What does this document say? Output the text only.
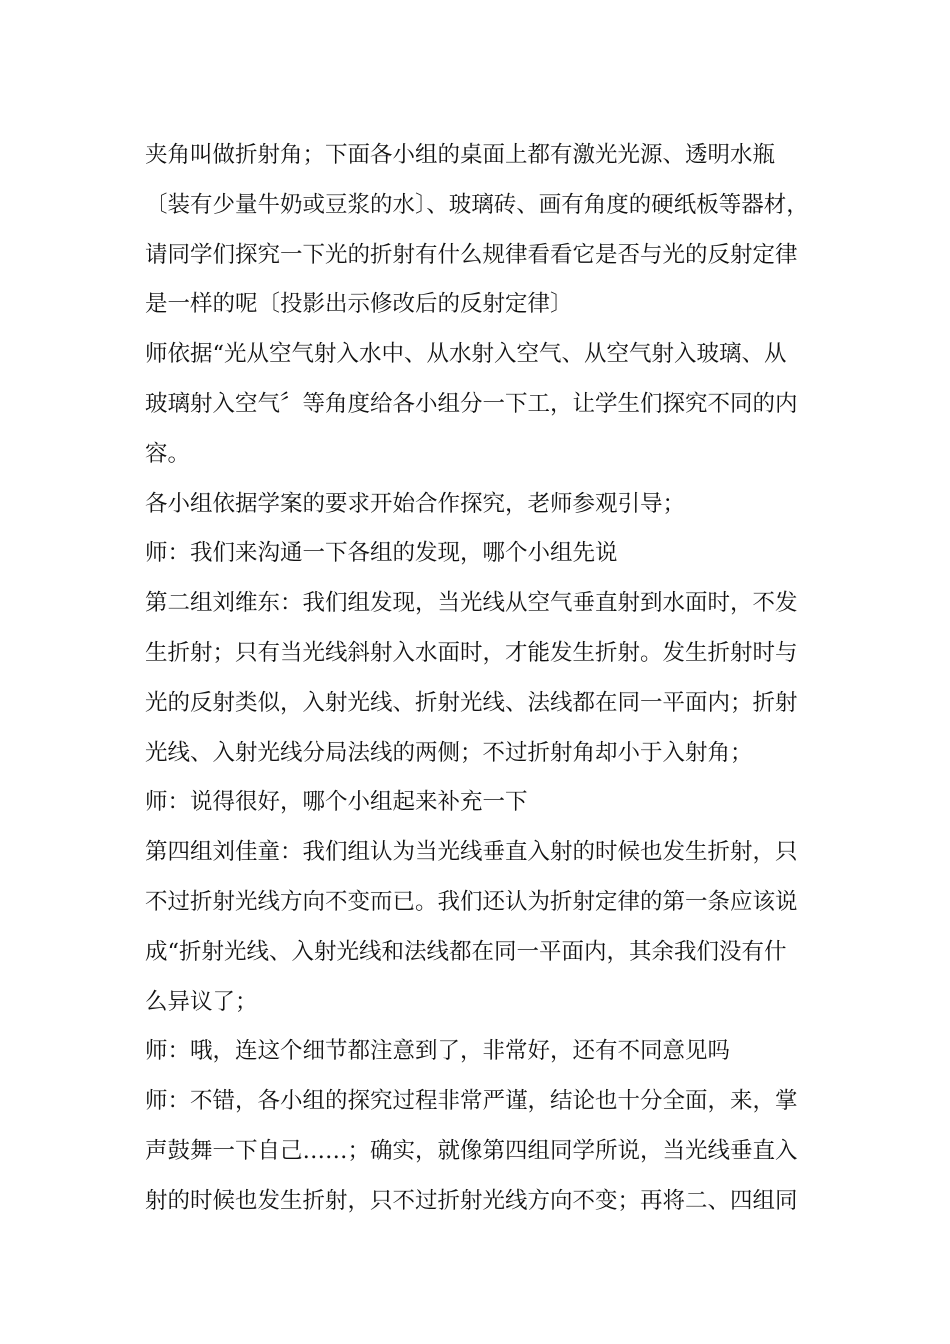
夹角叫做折射角；下面各小组的桌面上都有激光光源、透明水瓶
〔装有少量牛奶或豆浆的水〕、玻璃砖、画有角度的硬纸板等器材，
请同学们探究一下光的折射有什么规律看看它是否与光的反射定律
是一样的呢〔投影出示修改后的反射定律〕
师依据“光从空气射入水中、从水射入空气、从空气射入玻璃、从
玻璃射入空气〞等角度给各小组分一下工，让学生们探究不同的内
容。
各小组依据学案的要求开始合作探究，老师参观引导；
师：我们来沟通一下各组的发现，哪个小组先说
第二组刘维东：我们组发现，当光线从空气垂直射到水面时，不发
生折射；只有当光线斜射入水面时，才能发生折射。发生折射时与
光的反射类似，入射光线、折射光线、法线都在同一平面内；折射
光线、入射光线分局法线的两侧；不过折射角却小于入射角；
师：说得很好，哪个小组起来补充一下
第四组刘佳童：我们组认为当光线垂直入射的时候也发生折射，只
不过折射光线方向不变而已。我们还认为折射定律的第一条应该说
成“折射光线、入射光线和法线都在同一平面内，其余我们没有什
么异议了；
师：哦，连这个细节都注意到了，非常好，还有不同意见吗
师：不错，各小组的探究过程非常严谨，结论也十分全面，来，掌
声鼓舞一下自己……；确实，就像第四组同学所说，当光线垂直入
射的时候也发生折射，只不过折射光线方向不变；再将二、四组同
